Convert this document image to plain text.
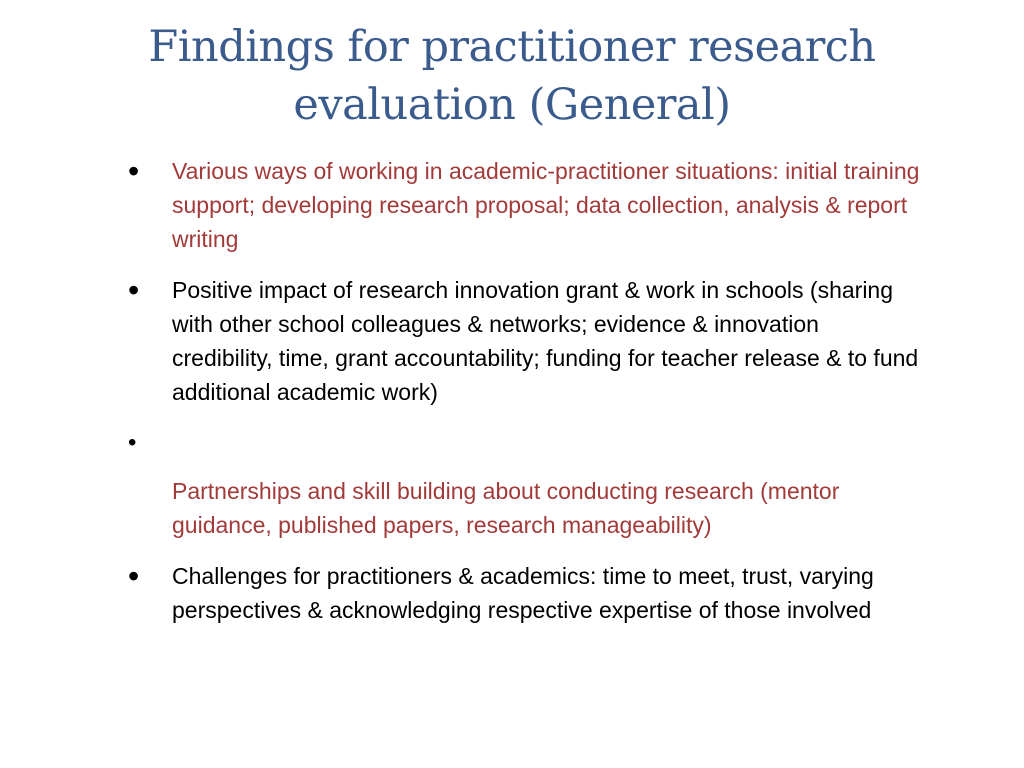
Findings for practitioner research
evaluation (General)
• Various ways of working in academic-practitioner situations: initial training support; developing research proposal; data collection, analysis & report writing
• Positive impact of research innovation grant & work in schools (sharing with other school colleagues & networks; evidence & innovation credibility, time, grant accountability; funding for teacher release & to fund additional academic work)
•
Partnerships and skill building about conducting research (mentor guidance, published papers, research manageability)
• Challenges for practitioners & academics: time to meet, trust, varying perspectives & acknowledging respective expertise of those involved
